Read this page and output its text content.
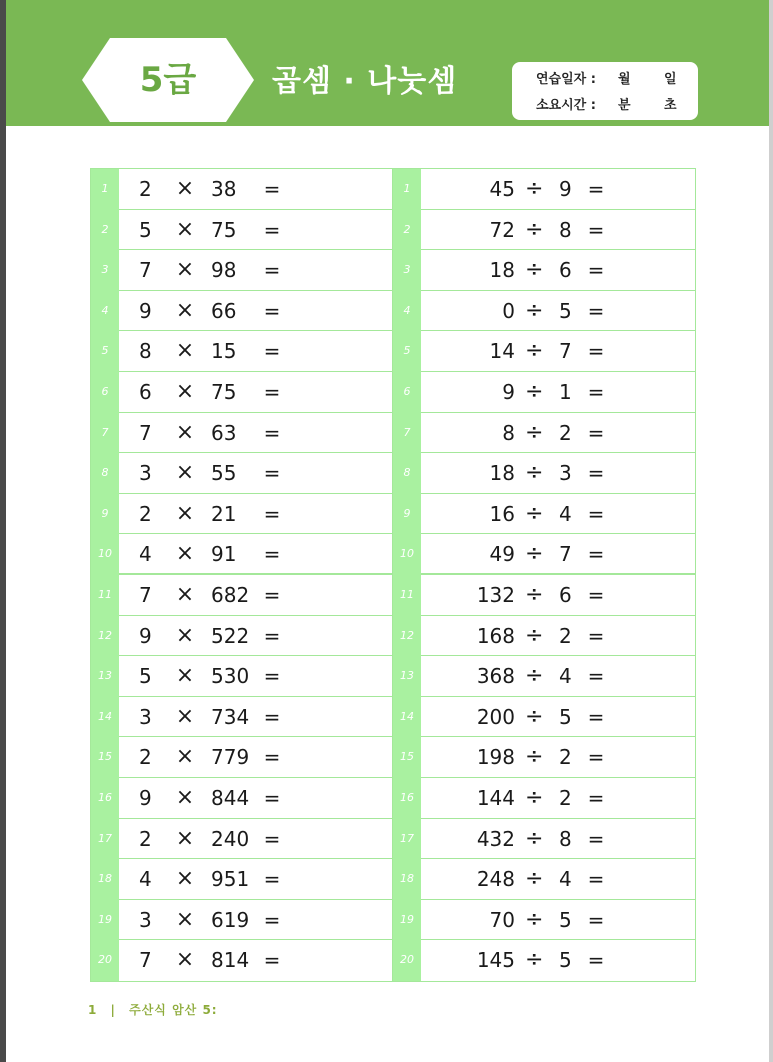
5급	곱셈 · 나눗셈	연습일자 : 월	일
소요시간 : 분	초
1	2 × 38	=
2	5 × 75	=
3	7 × 98	=
4	9 × 66	=
5	8 × 15	=
6	6 × 75	=
7	7 × 63	=
8	3 × 55	=
9	2 × 21	=
10	4 × 91	=
11	7 × 682 =
12	9 × 522 =
13	5 × 530 =
14	3 × 734 =
15	2 × 779 =
16	9 × 844 =
17	2 × 240 =
18	4 × 951 =
19	3 × 619 =
20	7 × 814 =
1	45 ÷ 9 =
2	72 ÷ 8 =
3	18 ÷ 6 =
4	0 ÷ 5 =
5	14 ÷ 7 =
6	9 ÷ 1 =
7	8 ÷ 2 =
8	18 ÷ 3 =
9	16 ÷ 4 =
10	49 ÷ 7 =
11	132 ÷ 6 =
12	168 ÷ 2 =
13	368 ÷ 4 =
14	200 ÷ 5 =
15	198 ÷ 2 =
16	144 ÷ 2 =
17	432 ÷ 8 =
18	248 ÷ 4 =
19	70 ÷ 5 =
20	145 ÷ 5 =
1 | 주산식 암산 5:
